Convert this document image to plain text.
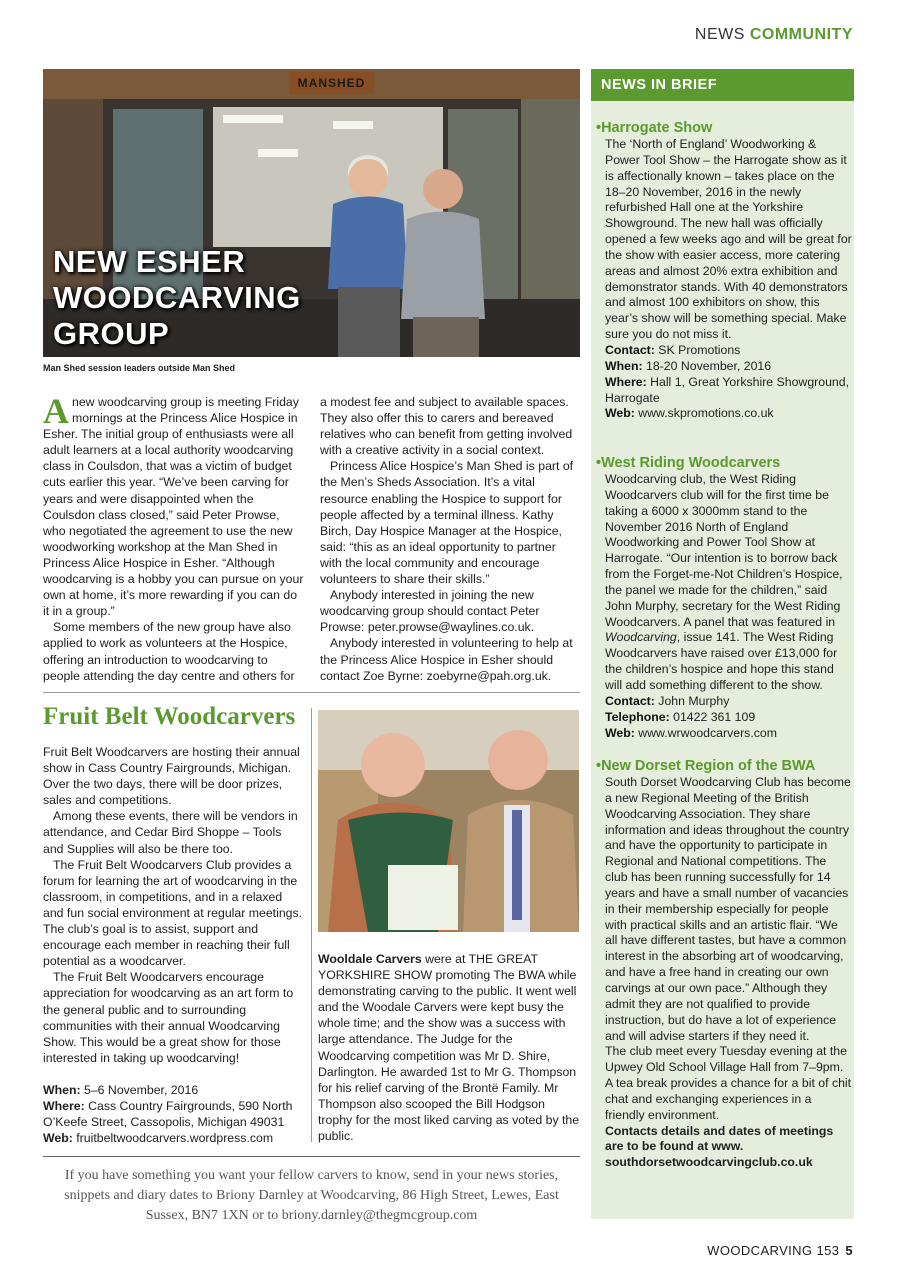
NEWS COMMUNITY
NEW ESHER
WOODCARVING
GROUP
MANSHED
Man Shed session leaders outside Man Shed

Anew woodcarving group is meeting Friday mornings at the Princess Alice Hospice in Esher. The initial group of enthusiasts were all adult learners at a local authority woodcarving class in Coulsdon, that was a victim of budget cuts earlier this year. “We’ve been carving for years and were disappointed when the Coulsdon class closed,” said Peter Prowse, who negotiated the agreement to use the new woodworking workshop at the Man Shed in Princess Alice Hospice in Esher. “Although woodcarving is a hobby you can pursue on your own at home, it’s more rewarding if you can do it in a group.”

Some members of the new group have also applied to work as volunteers at the Hospice, offering an introduction to woodcarving to people attending the day centre and others for

a modest fee and subject to available spaces. They also offer this to carers and bereaved relatives who can benefit from getting involved with a creative activity in a social context.

Princess Alice Hospice’s Man Shed is part of the Men’s Sheds Association. It’s a vital resource enabling the Hospice to support for people affected by a terminal illness. Kathy Birch, Day Hospice Manager at the Hospice, said: “this as an ideal opportunity to partner with the local community and encourage volunteers to share their skills.”

Anybody interested in joining the new woodcarving group should contact Peter Prowse: peter.prowse@waylines.co.uk.

Anybody interested in volunteering to help at the Princess Alice Hospice in Esher should contact Zoe Byrne: zoebyrne@pah.org.uk.

Fruit Belt Woodcarvers

Fruit Belt Woodcarvers are hosting their annual show in Cass Country Fairgrounds, Michigan. Over the two days, there will be door prizes, sales and competitions.

Among these events, there will be vendors in attendance, and Cedar Bird Shoppe – Tools and Supplies will also be there too.

The Fruit Belt Woodcarvers Club provides a forum for learning the art of woodcarving in the classroom, in competitions, and in a relaxed and fun social environment at regular meetings. The club’s goal is to assist, support and encourage each member in reaching their full potential as a woodcarver.

The Fruit Belt Woodcarvers encourage appreciation for woodcarving as an art form to the general public and to surrounding communities with their annual Woodcarving Show. This would be a great show for those interested in taking up woodcarving!

When: 5–6 November, 2016

Where: Cass Country Fairgrounds, 590 North O’Keefe Street, Cassopolis, Michigan 49031

Web: fruitbeltwoodcarvers.wordpress.com

Wooldale Carvers were at THE GREAT YORKSHIRE SHOW promoting The BWA while demonstrating carving to the public. It went well and the Woodale Carvers were kept busy the whole time; and the show was a success with large attendance. The Judge for the Woodcarving competition was Mr D. Shire, Darlington. He awarded 1st to Mr G. Thompson for his relief carving of the Brontë Family. Mr Thompson also scooped the Bill Hodgson trophy for the most liked carving as voted by the public.

If you have something you want your fellow carvers to know, send in your news stories, snippets and diary dates to Briony Darnley at Woodcarving, 86 High Street, Lewes, East Sussex, BN7 1XN or to briony.darnley@thegmcgroup.com
NEWS IN BRIEF
•Harrogate Show
The ‘North of England’ Woodworking & Power Tool Show – the Harrogate show as it is affectionally known – takes place on the 18–20 November, 2016 in the newly refurbished Hall one at the Yorkshire Showground. The new hall was officially opened a few weeks ago and will be great for the show with easier access, more catering areas and almost 20% extra exhibition and demonstrator stands. With 40 demonstrators and almost 100 exhibitors on show, this year’s show will be something special. Make sure you do not miss it.
Contact: SK Promotions
When: 18-20 November, 2016
Where: Hall 1, Great Yorkshire Showground, Harrogate
Web: www.skpromotions.co.uk
•West Riding Woodcarvers
Woodcarving club, the West Riding Woodcarvers club will for the first time be taking a 6000 x 3000mm stand to the November 2016 North of England Woodworking and Power Tool Show at Harrogate. “Our intention is to borrow back from the Forget-me-Not Children’s Hospice, the panel we made for the children,” said John Murphy, secretary for the West Riding Woodcarvers. A panel that was featured in Woodcarving, issue 141. The West Riding Woodcarvers have raised over £13,000 for the children’s hospice and hope this stand will add something different to the show.
Contact: John Murphy
Telephone: 01422 361 109
Web: www.wrwoodcarvers.com
•New Dorset Region of the BWA
South Dorset Woodcarving Club has become a new Regional Meeting of the British Woodcarving Association. They share information and ideas throughout the country and have the opportunity to participate in Regional and National competitions. The club has been running successfully for 14 years and have a small number of vacancies in their membership especially for people with practical skills and an artistic flair. “We all have different tastes, but have a common interest in the absorbing art of woodcarving, and have a free hand in creating our own carvings at our own pace.” Although they admit they are not qualified to provide instruction, but do have a lot of experience and will advise starters if they need it.
The club meet every Tuesday evening at the Upwey Old School Village Hall from 7–9pm. A tea break provides a chance for a bit of chit chat and exchanging experiences in a friendly environment.
Contacts details and dates of meetings are to be found at www. southdorsetwoodcarvingclub.co.uk
WOODCARVING 153 5
